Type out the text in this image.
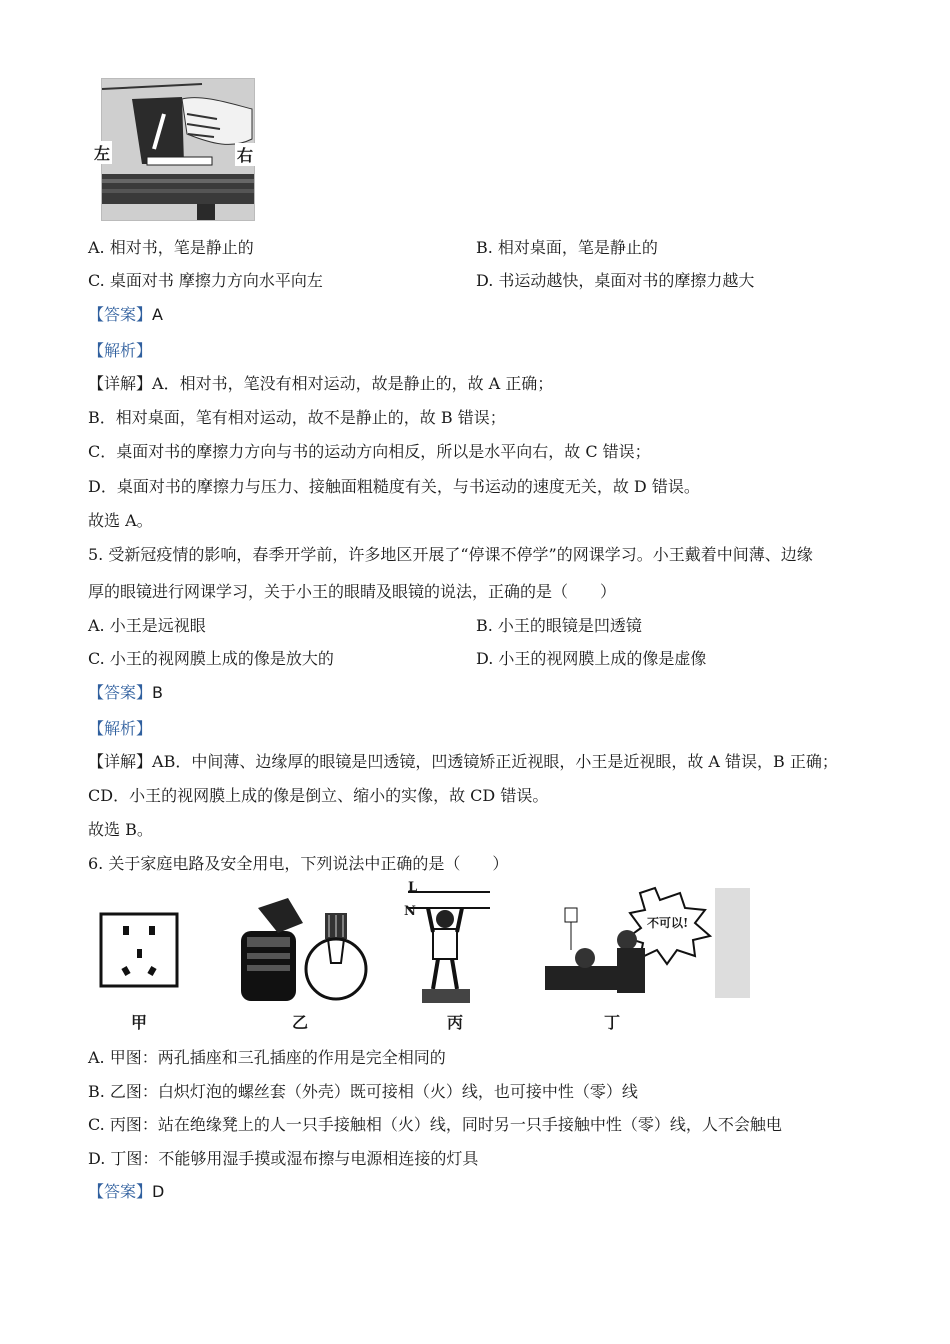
左	右
A. 相对书，笔是静止的	B. 相对桌面，笔是静止的
C. 桌面对书 摩擦力方向水平向左	D. 书运动越快，桌面对书的摩擦力越大
【答案】A
【解析】
【详解】A．相对书，笔没有相对运动，故是静止的，故 A 正确；
B．相对桌面，笔有相对运动，故不是静止的，故 B 错误；
C．桌面对书的摩擦力方向与书的运动方向相反，所以是水平向右，故 C 错误；
D．桌面对书的摩擦力与压力、接触面粗糙度有关，与书运动的速度无关，故 D 错误。
故选 A。
5. 受新冠疫情的影响，春季开学前，许多地区开展了“停课不停学”的网课学习。小王戴着中间薄、边缘
厚的眼镜进行网课学习，关于小王的眼睛及眼镜的说法，正确的是（　　）
A. 小王是远视眼	B. 小王的眼镜是凹透镜
C. 小王的视网膜上成的像是放大的	D. 小王的视网膜上成的像是虚像
【答案】B
【解析】
【详解】AB．中间薄、边缘厚的眼镜是凹透镜，凹透镜矫正近视眼，小王是近视眼，故 A 错误，B 正确；
CD．小王的视网膜上成的像是倒立、缩小的实像，故 CD 错误。
故选 B。
6. 关于家庭电路及安全用电，下列说法中正确的是（　　）
L
N
不可以!
甲	乙	丙	丁
A. 甲图：两孔插座和三孔插座的作用是完全相同的
B. 乙图：白炽灯泡的螺丝套（外壳）既可接相（火）线，也可接中性（零）线
C. 丙图：站在绝缘凳上的人一只手接触相（火）线，同时另一只手接触中性（零）线，人不会触电
D. 丁图：不能够用湿手摸或湿布擦与电源相连接的灯具
【答案】D
